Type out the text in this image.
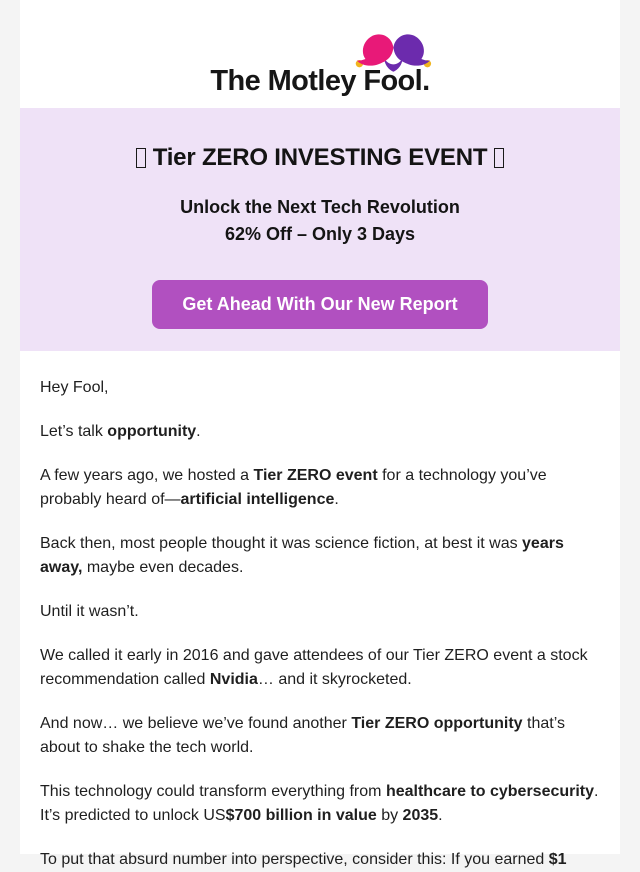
The Motley Fool.
Tier ZERO INVESTING EVENT
Unlock the Next Tech Revolution
62% Off – Only 3 Days
Get Ahead With Our New Report

Hey Fool,

Let’s talk opportunity.

A few years ago, we hosted a Tier ZERO event for a technology you’ve probably heard of—artificial intelligence.

Back then, most people thought it was science fiction, at best it was years away, maybe even decades.

Until it wasn’t.

We called it early in 2016 and gave attendees of our Tier ZERO event a stock recommendation called Nvidia… and it skyrocketed.

And now… we believe we’ve found another Tier ZERO opportunity that’s about to shake the tech world.

This technology could transform everything from healthcare to cybersecurity. It’s predicted to unlock US$700 billion in value by 2035.

To put that absurd number into perspective, consider this: If you earned $1
